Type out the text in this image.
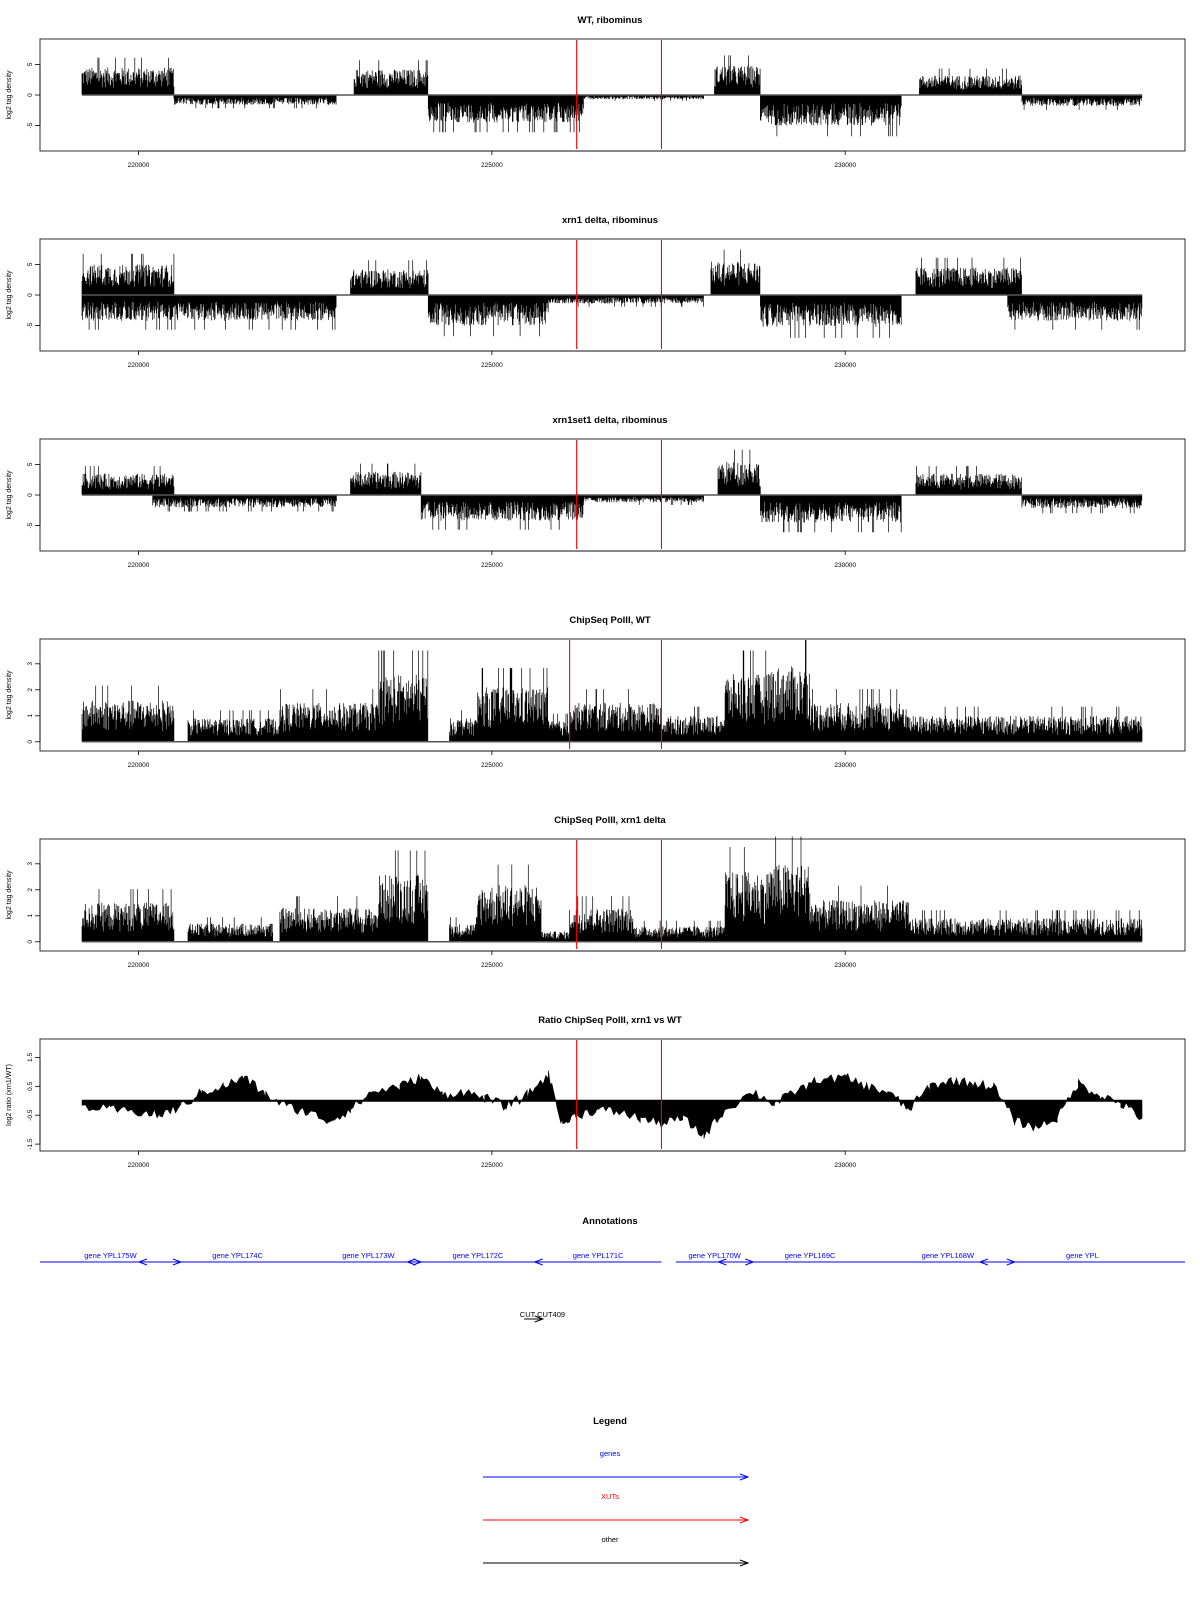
WT, ribominus
log2 tag density
-5
0
5
220000	225000	230000
xrn1 delta, ribominus
log2 tag density
-5
0
5
220000	225000	230000
xrn1set1 delta, ribominus
log2 tag density
-5
0
5
220000	225000	230000
ChipSeq PolII, WT
log2 tag density
0
1
2
3
220000	225000	230000
ChipSeq PolII, xrn1 delta
log2 tag density
0
1
2
3
220000	225000	230000
Ratio ChipSeq PolII, xrn1 vs WT
log2 ratio (xrn1/WT)
-1.5
-0.5
0.5
1.5
220000	225000	230000
Annotations
gene YPL175W	gene YPL174C	gene YPL173W	gene YPL172C	gene YPL171C	gene YPL170W	gene YPL169C	gene YPL168W	gene YPL
CUT CUT409
Legend
genes
XUTs
other
